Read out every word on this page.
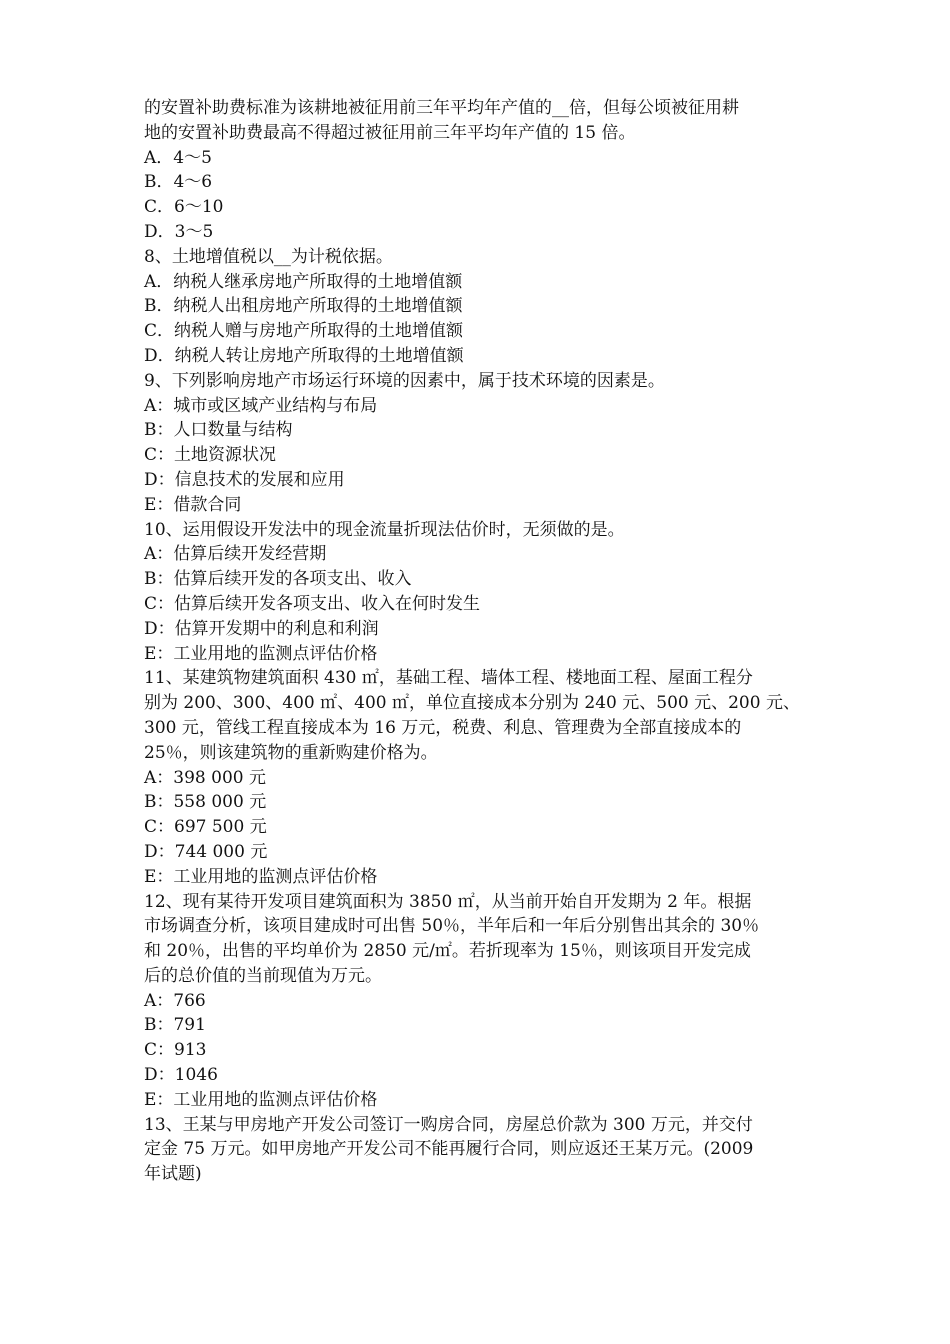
的安置补助费标准为该耕地被征用前三年平均年产值的__倍，但每公顷被征用耕
地的安置补助费最高不得超过被征用前三年平均年产值的 15 倍。
A．4～5
B．4～6
C．6～10
D．3～5
8、土地增值税以__为计税依据。
A．纳税人继承房地产所取得的土地增值额
B．纳税人出租房地产所取得的土地增值额
C．纳税人赠与房地产所取得的土地增值额
D．纳税人转让房地产所取得的土地增值额
9、下列影响房地产市场运行环境的因素中，属于技术环境的因素是。
A：城市或区域产业结构与布局
B：人口数量与结构
C：土地资源状况
D：信息技术的发展和应用
E：借款合同
10、运用假设开发法中的现金流量折现法估价时，无须做的是。
A：估算后续开发经营期
B：估算后续开发的各项支出、收入
C：估算后续开发各项支出、收入在何时发生
D：估算开发期中的利息和利润
E：工业用地的监测点评估价格
11、某建筑物建筑面积 430 ㎡，基础工程、墙体工程、楼地面工程、屋面工程分
别为 200、300、400 ㎡、400 ㎡，单位直接成本分别为 240 元、500 元、200 元、
300 元，管线工程直接成本为 16 万元，税费、利息、管理费为全部直接成本的
25％，则该建筑物的重新购建价格为。
A：398 000 元
B：558 000 元
C：697 500 元
D：744 000 元
E：工业用地的监测点评估价格
12、现有某待开发项目建筑面积为 3850 ㎡，从当前开始自开发期为 2 年。根据
市场调查分析，该项目建成时可出售 50％，半年后和一年后分别售出其余的 30％
和 20％，出售的平均单价为 2850 元/㎡。若折现率为 15％，则该项目开发完成
后的总价值的当前现值为万元。
A：766
B：791
C：913
D：1046
E：工业用地的监测点评估价格
13、王某与甲房地产开发公司签订一购房合同，房屋总价款为 300 万元，并交付
定金 75 万元。如甲房地产开发公司不能再履行合同，则应返还王某万元。(2009
年试题)
